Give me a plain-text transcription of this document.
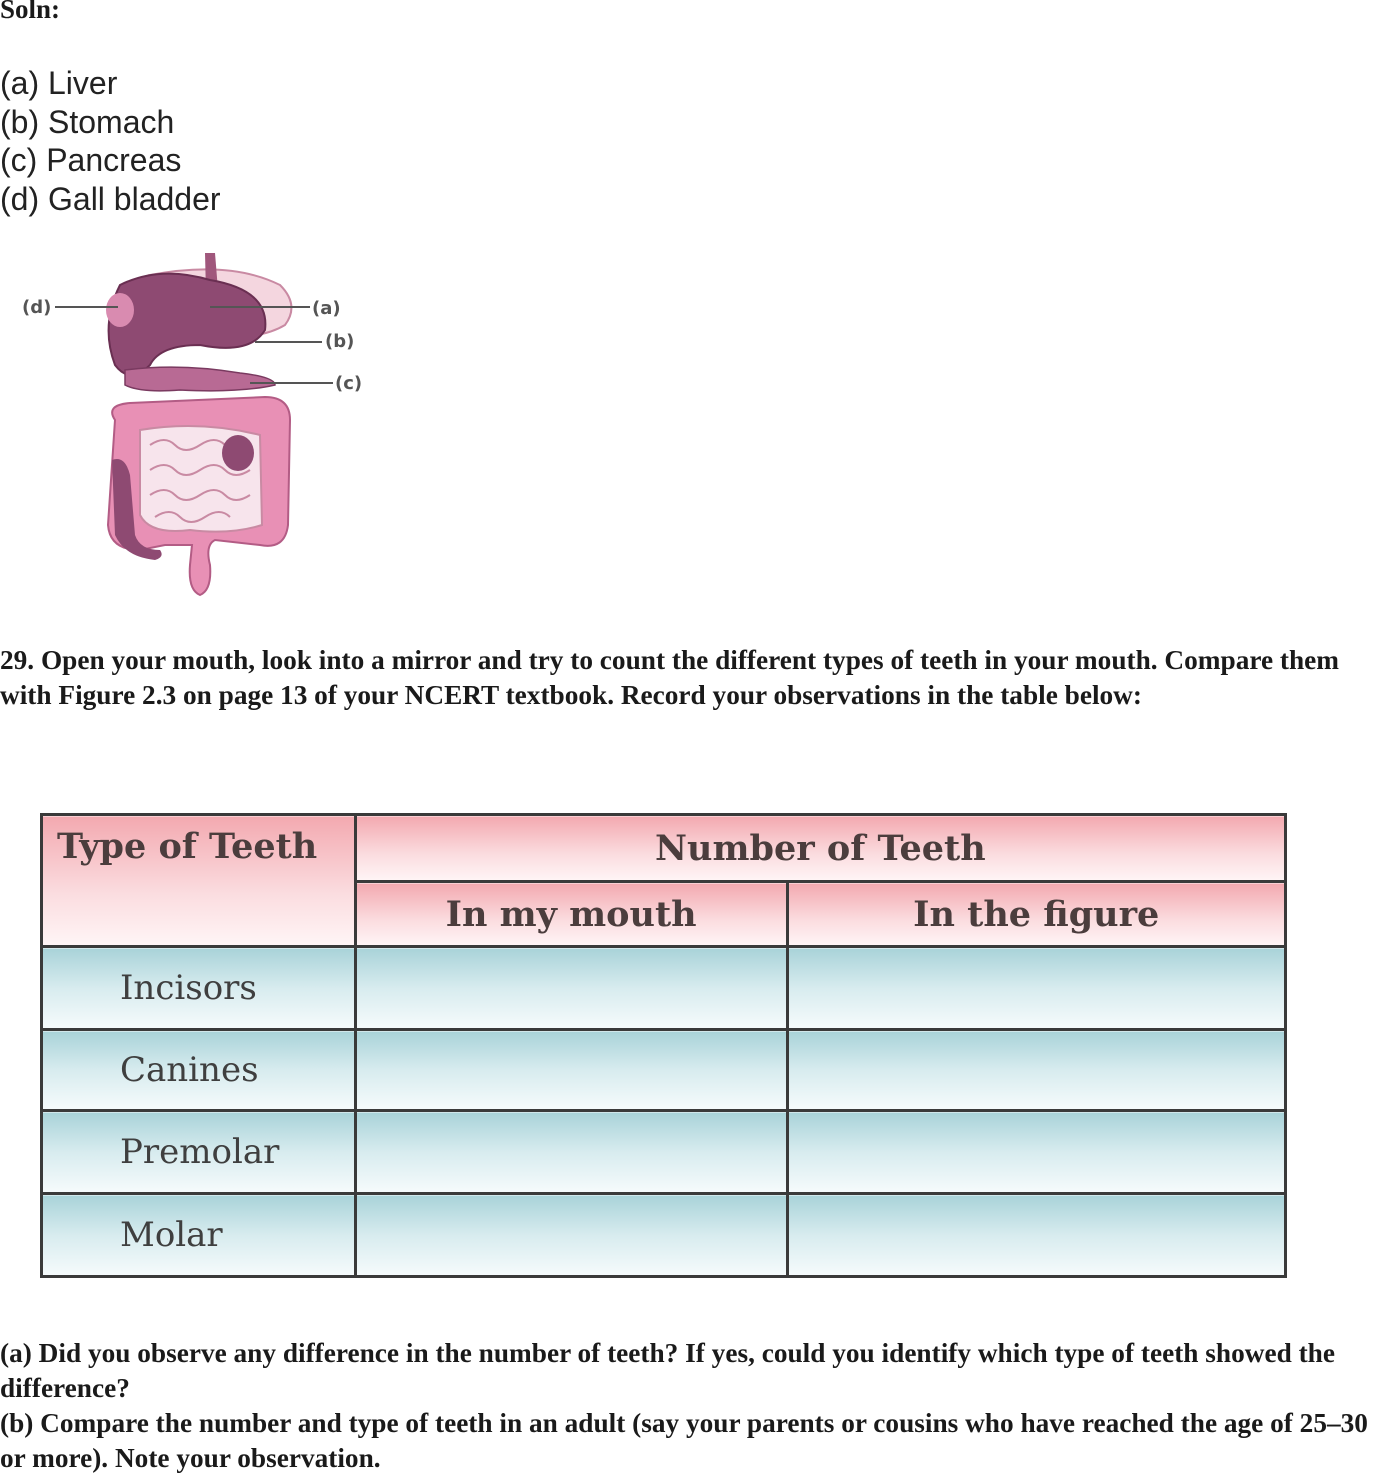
Soln:
(a) Liver
(b) Stomach
(c) Pancreas
(d) Gall bladder
(d)	(a)
(b)
(c)

29. Open your mouth, look into a mirror and try to count the different types of teeth in your mouth. Compare them with Figure 2.3 on page 13 of your NCERT textbook. Record your observations in the table below:

Type of Teeth	Number of Teeth	
	In my mouth	In the figure
Incisors		
Canines		
Premolar		
Molar		

(a) Did you observe any difference in the number of teeth? If yes, could you identify which type of teeth showed the difference?

(b) Compare the number and type of teeth in an adult (say your parents or cousins who have reached the age of 25–30 or more). Note your observation.
